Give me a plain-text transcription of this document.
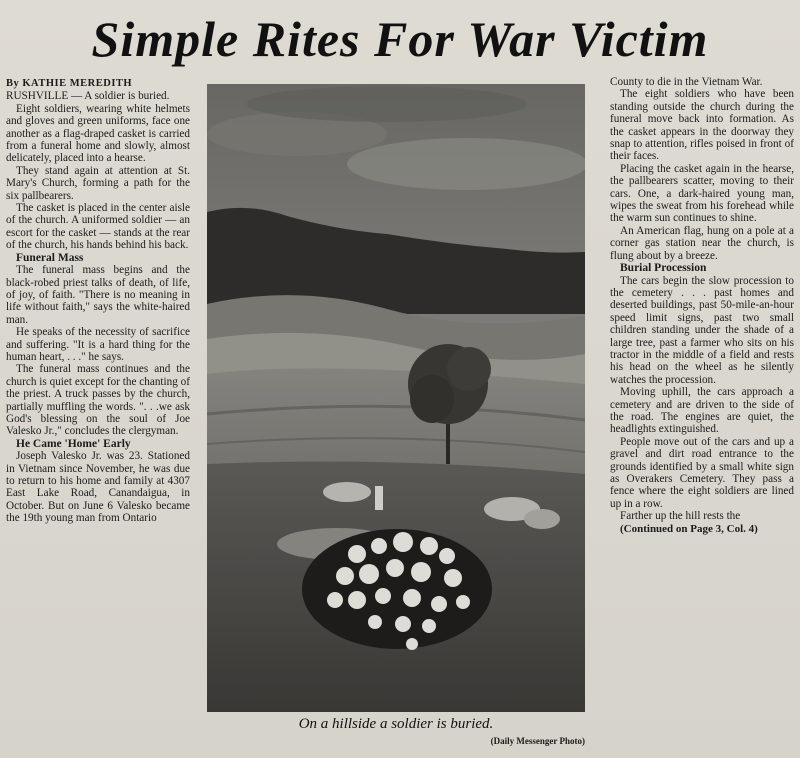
Simple Rites For War Victim

By KATHIE MEREDITH

RUSHVILLE — A soldier is buried.

Eight soldiers, wearing white helmets and gloves and green uniforms, face one another as a flag-draped casket is carried from a funeral home and slowly, almost delicately, placed into a hearse.

They stand again at attention at St. Mary's Church, forming a path for the six pallbearers.

The casket is placed in the center aisle of the church. A uniformed soldier — an escort for the casket — stands at the rear of the church, his hands behind his back.

Funeral Mass

The funeral mass begins and the black-robed priest talks of death, of life, of joy, of faith. "There is no meaning in life without faith," says the white-haired man.

He speaks of the necessity of sacrifice and suffering. "It is a hard thing for the human heart, . . ." he says.

The funeral mass continues and the church is quiet except for the chanting of the priest. A truck passes by the church, partially muffling the words. ". . .we ask God's blessing on the soul of Joe Valesko Jr.," concludes the clergyman.

He Came 'Home' Early

Joseph Valesko Jr. was 23. Stationed in Vietnam since November, he was due to return to his home and family at 4307 East Lake Road, Canandaigua, in October. But on June 6 Valesko became the 19th young man from Ontario

On a hillside a soldier is buried.
(Daily Messenger Photo)

County to die in the Vietnam War.

The eight soldiers who have been standing outside the church during the funeral move back into formation. As the casket appears in the doorway they snap to attention, rifles poised in front of their faces.

Placing the casket again in the hearse, the pallbearers scatter, moving to their cars. One, a dark-haired young man, wipes the sweat from his forehead while the warm sun continues to shine.

An American flag, hung on a pole at a corner gas station near the church, is flung about by a breeze.

Burial Procession

The cars begin the slow procession to the cemetery . . . past homes and deserted buildings, past 50-mile-an-hour speed limit signs, past two small children standing under the shade of a large tree, past a farmer who sits on his tractor in the middle of a field and rests his head on the wheel as he silently watches the procession.

Moving uphill, the cars approach a cemetery and are driven to the side of the road. The engines are quiet, the headlights extinguished.

People move out of the cars and up a gravel and dirt road entrance to the grounds identified by a small white sign as Overakers Cemetery. They pass a fence where the eight soldiers are lined up in a row.

Farther up the hill rests the

(Continued on Page 3, Col. 4)
